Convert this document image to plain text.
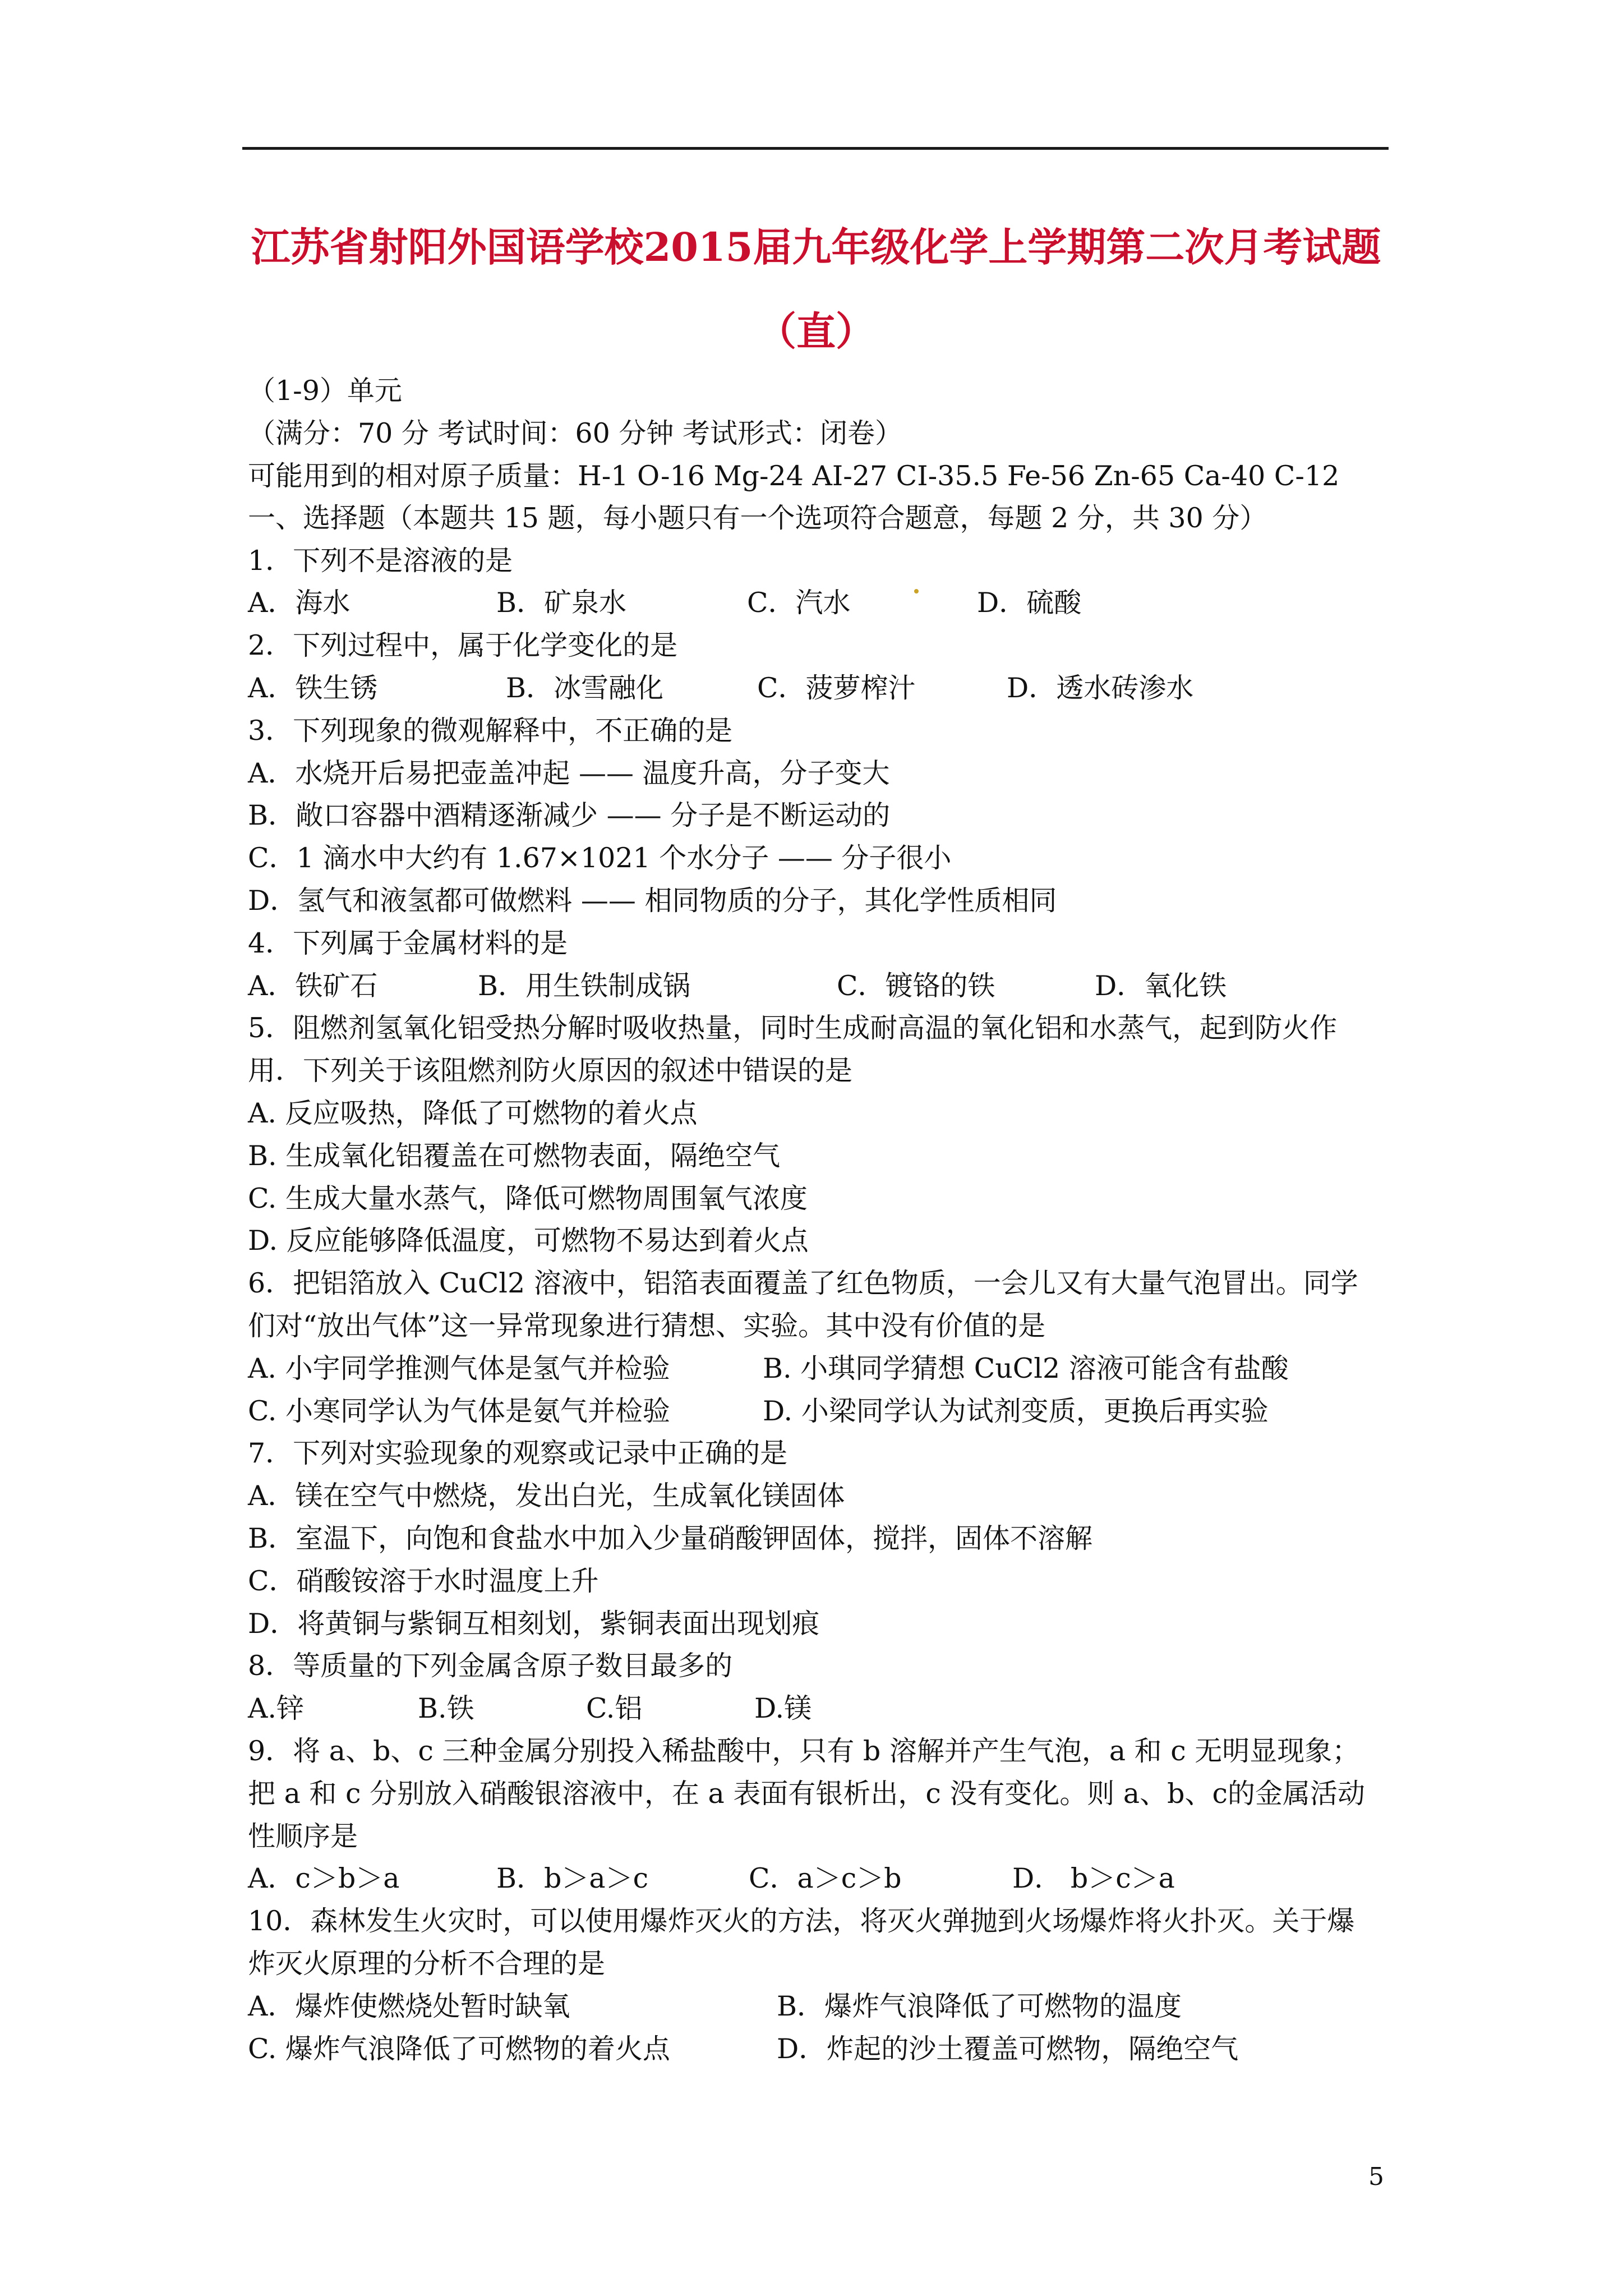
江苏省射阳外国语学校2015届九年级化学上学期第二次月考试题
（直）
（1-9）单元
（满分：70 分 考试时间：60 分钟 考试形式：闭卷）
可能用到的相对原子质量：H-1 O-16 Mg-24 AI-27 CI-35.5 Fe-56 Zn-65 Ca-40 C-12
一、选择题（本题共 15 题，每小题只有一个选项符合题意，每题 2 分，共 30 分）
1．下列不是溶液的是
A．海水	B．矿泉水	C．汽水	D．硫酸
2．下列过程中，属于化学变化的是
A．铁生锈	B．冰雪融化	C．菠萝榨汁	D．透水砖渗水
3．下列现象的微观解释中，不正确的是
A．水烧开后易把壶盖冲起 —— 温度升高，分子变大
B．敞口容器中酒精逐渐减少 —— 分子是不断运动的
C．1 滴水中大约有 1.67×1021 个水分子 —— 分子很小
D．氢气和液氢都可做燃料 —— 相同物质的分子，其化学性质相同
4．下列属于金属材料的是
A．铁矿石	B．用生铁制成锅	C．镀铬的铁	D．氧化铁
5．阻燃剂氢氧化铝受热分解时吸收热量，同时生成耐高温的氧化铝和水蒸气，起到防火作
用．下列关于该阻燃剂防火原因的叙述中错误的是
A. 反应吸热，降低了可燃物的着火点
B. 生成氧化铝覆盖在可燃物表面，隔绝空气
C. 生成大量水蒸气，降低可燃物周围氧气浓度
D. 反应能够降低温度，可燃物不易达到着火点
6．把铝箔放入 CuCl2 溶液中，铝箔表面覆盖了红色物质，一会儿又有大量气泡冒出。同学
们对“放出气体”这一异常现象进行猜想、实验。其中没有价值的是
A. 小宇同学推测气体是氢气并检验	B. 小琪同学猜想 CuCl2 溶液可能含有盐酸
C. 小寒同学认为气体是氨气并检验	D. 小梁同学认为试剂变质，更换后再实验
7．下列对实验现象的观察或记录中正确的是
A．镁在空气中燃烧，发出白光，生成氧化镁固体
B．室温下，向饱和食盐水中加入少量硝酸钾固体，搅拌，固体不溶解
C．硝酸铵溶于水时温度上升
D．将黄铜与紫铜互相刻划，紫铜表面出现划痕
8．等质量的下列金属含原子数目最多的
A.锌	B.铁	C.铝	D.镁
9．将 a、b、c 三种金属分别投入稀盐酸中，只有 b 溶解并产生气泡，a 和 c 无明显现象；
把 a 和 c 分别放入硝酸银溶液中，在 a 表面有银析出，c 没有变化。则 a、b、c的金属活动
性顺序是
A．c＞b＞a	B．b＞a＞c	C．a＞c＞b	D． b＞c＞a
10．森林发生火灾时，可以使用爆炸灭火的方法，将灭火弹抛到火场爆炸将火扑灭。关于爆
炸灭火原理的分析不合理的是
A．爆炸使燃烧处暂时缺氧	B．爆炸气浪降低了可燃物的温度
C. 爆炸气浪降低了可燃物的着火点	D．炸起的沙土覆盖可燃物，隔绝空气
5
